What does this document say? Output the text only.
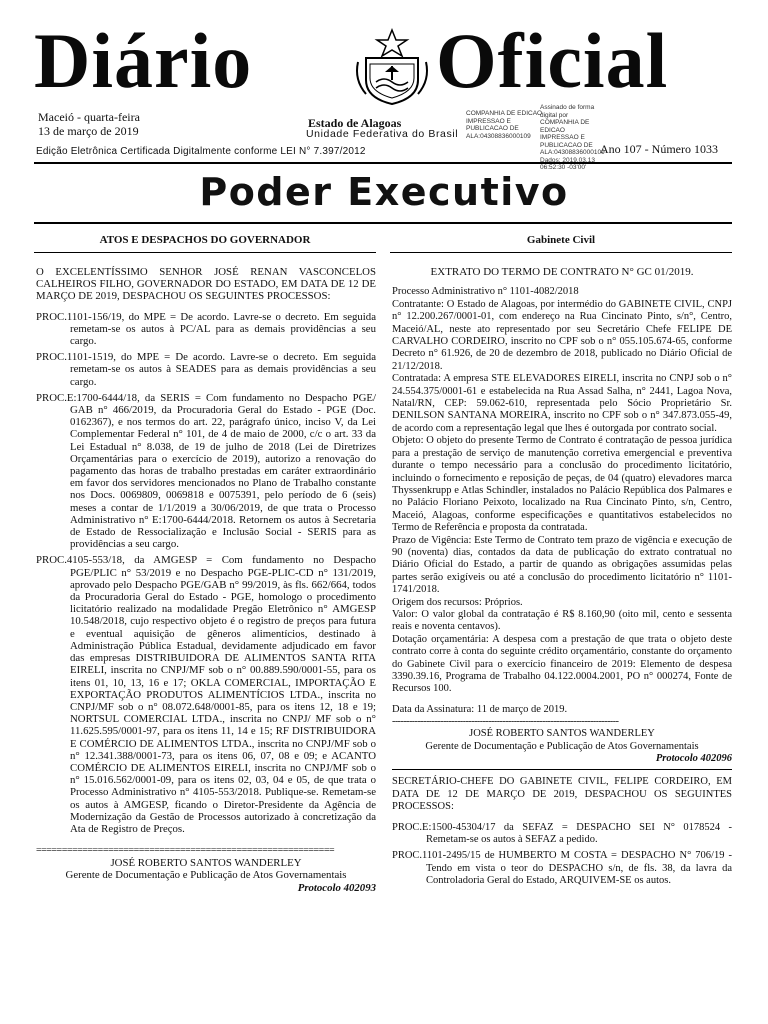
Diário Oficial
Maceió - quarta-feira
13 de março de 2019
Estado de Alagoas
Unidade Federativa do Brasil
COMPANHIA DE EDICAO IMPRESSAO E PUBLICACAO DE ALA:04308836000109
Assinado de forma digital por COMPANHIA DE EDICAO IMPRESSAO E PUBLICACAO DE ALA:04308836000109 Dados: 2019.03.13 06:52:30 -03'00'
Edição Eletrônica Certificada Digitalmente conforme LEI N° 7.397/2012	Ano 107 - Número 1033
Poder Executivo
ATOS E DESPACHOS DO GOVERNADOR	Gabinete Civil

O EXCELENTÍSSIMO SENHOR JOSÉ RENAN VASCONCELOS CALHEIROS FILHO, GOVERNADOR DO ESTADO, EM DATA DE 12 DE MARÇO DE 2019, DESPACHOU OS SEGUINTES PROCESSOS:

PROC.1101-156/19, do MPE = De acordo. Lavre-se o decreto. Em seguida remetam-se os autos à PC/AL para as demais providências a seu cargo.

PROC.1101-1519, do MPE = De acordo. Lavre-se o decreto. Em seguida remetam-se os autos à SEADES para as demais providências a seu cargo.

PROC.E:1700-6444/18, da SERIS = Com fundamento no Despacho PGE/ GAB n° 466/2019, da Procuradoria Geral do Estado - PGE (Doc. 0162367), e nos termos do art. 22, parágrafo único, inciso V, da Lei Complementar Federal n° 101, de 4 de maio de 2000, c/c o art. 33 da Lei Estadual n° 8.038, de 19 de julho de 2018 (Lei de Diretrizes Orçamentárias para o exercício de 2019), autorizo a renovação do pagamento das horas de trabalho prestadas em caráter extraordinário em favor dos servidores mencionados no Plano de Trabalho constante nos Docs. 0069809, 0069818 e 0075391, pelo período de 6 (seis) meses a contar de 1/1/2019 a 30/06/2019, de que trata o Processo Administrativo n° E:1700-6444/2018. Retornem os autos à Secretaria de Estado de Ressocialização e Inclusão Social - SERIS para as providências a seu cargo.

PROC.4105-553/18, da AMGESP = Com fundamento no Despacho PGE/PLIC n° 53/2019 e no Despacho PGE-PLIC-CD n° 131/2019, aprovado pelo Despacho PGE/GAB n° 99/2019, às fls. 662/664, todos da Procuradoria Geral do Estado - PGE, homologo o procedimento licitatório realizado na modalidade Pregão Eletrônico n° AMGESP 10.548/2018, cujo respectivo objeto é o registro de preços para futura e eventual aquisição de gêneros alimentícios, destinado à Administração Pública Estadual, devidamente adjudicado em favor das empresas DISTRIBUIDORA DE ALIMENTOS SANTA RITA EIRELI, inscrita no CNPJ/MF sob o n° 00.889.590/0001-55, para os itens 01, 10, 13, 16 e 17; OKLA COMERCIAL, IMPORTAÇÃO E EXPORTAÇÃO PRODUTOS ALIMENTÍCIOS LTDA., inscrita no CNPJ/MF sob o n° 08.072.648/0001-85, para os itens 12, 18 e 19; NORTSUL COMERCIAL LTDA., inscrita no CNPJ/ MF sob o n° 11.625.595/0001-97, para os itens 11, 14 e 15; RF DISTRIBUIDORA E COMÉRCIO DE ALIMENTOS LTDA., inscrita no CNPJ/MF sob o n° 12.341.388/0001-73, para os itens 06, 07, 08 e 09; e ACANTO COMÉRCIO DE ALIMENTOS EIRELI, inscrita no CNPJ/MF sob o n° 15.016.562/0001-09, para os itens 02, 03, 04 e 05, de que trata o Processo Administrativo n° 4105-553/2018. Publique-se. Remetam-se os autos à AMGESP, ficando o Diretor-Presidente da Agência de Modernização da Gestão de Processos autorizado à concretização da Ata de Registro de Preços.

==========================================================

JOSÉ ROBERTO SANTOS WANDERLEY

Gerente de Documentação e Publicação de Atos Governamentais

Protocolo 402093

EXTRATO DO TERMO DE CONTRATO N° GC 01/2019.

Processo Administrativo n° 1101-4082/2018

Contratante: O Estado de Alagoas, por intermédio do GABINETE CIVIL, CNPJ n° 12.200.267/0001-01, com endereço na Rua Cincinato Pinto, s/n°, Centro, Maceió/AL, neste ato representado por seu Secretário Chefe FELIPE DE CARVALHO CORDEIRO, inscrito no CPF sob o n° 055.105.674-65, conforme Decreto n° 61.926, de 20 de dezembro de 2018, publicado no Diário Oficial de 21/12/2018.

Contratada: A empresa STE ELEVADORES EIRELI, inscrita no CNPJ sob o n° 24.554.375/0001-61 e estabelecida na Rua Assad Salha, n° 2441, Lagoa Nova, Natal/RN, CEP: 59.062-610, representada pelo Sócio Proprietário Sr. DENILSON SANTANA MOREIRA, inscrito no CPF sob o n° 347.873.055-49, de acordo com a representação legal que lhes é outorgada por contrato social.

Objeto: O objeto do presente Termo de Contrato é contratação de pessoa jurídica para a prestação de serviço de manutenção corretiva emergencial e preventiva durante o tempo necessário para a conclusão do procedimento licitatório, incluindo o fornecimento e reposição de peças, de 04 (quatro) elevadores marca Thyssenkrupp e Atlas Schindler, instalados no Palácio República dos Palmares e no Palácio Floriano Peixoto, localizado na Rua Cincinato Pinto, s/n, Centro, Maceió, Alagoas, conforme especificações e quantitativos estabelecidos no Termo de Referência e proposta da contratada.

Prazo de Vigência: Este Termo de Contrato tem prazo de vigência e execução de 90 (noventa) dias, contados da data de publicação do extrato contratual no Diário Oficial do Estado, a partir de quando as obrigações assumidas pelas partes serão exigíveis ou até a conclusão do procedimento licitatório n° 1101-1741/2018.

Origem dos recursos: Próprios.

Valor: O valor global da contratação é R$ 8.160,90 (oito mil, cento e sessenta reais e noventa centavos).

Dotação orçamentária: A despesa com a prestação de que trata o objeto deste contrato corre à conta do seguinte crédito orçamentário, constante do orçamento do Gabinete Civil para o exercício financeiro de 2019: Elemento de despesa 3390.39.16, Programa de Trabalho 04.122.0004.2001, PO n° 000274, Fonte de Recursos 100.

Data da Assinatura: 11 de março de 2019.

--------------------------------------------------------------------------------

JOSÉ ROBERTO SANTOS WANDERLEY

Gerente de Documentação e Publicação de Atos Governamentais

Protocolo 402096

SECRETÁRIO-CHEFE DO GABINETE CIVIL, FELIPE CORDEIRO, EM DATA DE 12 DE MARÇO DE 2019, DESPACHOU OS SEGUINTES PROCESSOS:

PROC.E:1500-45304/17 da SEFAZ = DESPACHO SEI N° 0178524 - Remetam-se os autos à SEFAZ a pedido.

PROC.1101-2495/15 de HUMBERTO M COSTA = DESPACHO N° 706/19 - Tendo em vista o teor do DESPACHO s/n, de fls. 38, da lavra da Controladoria Geral do Estado, ARQUIVEM-SE os autos.
